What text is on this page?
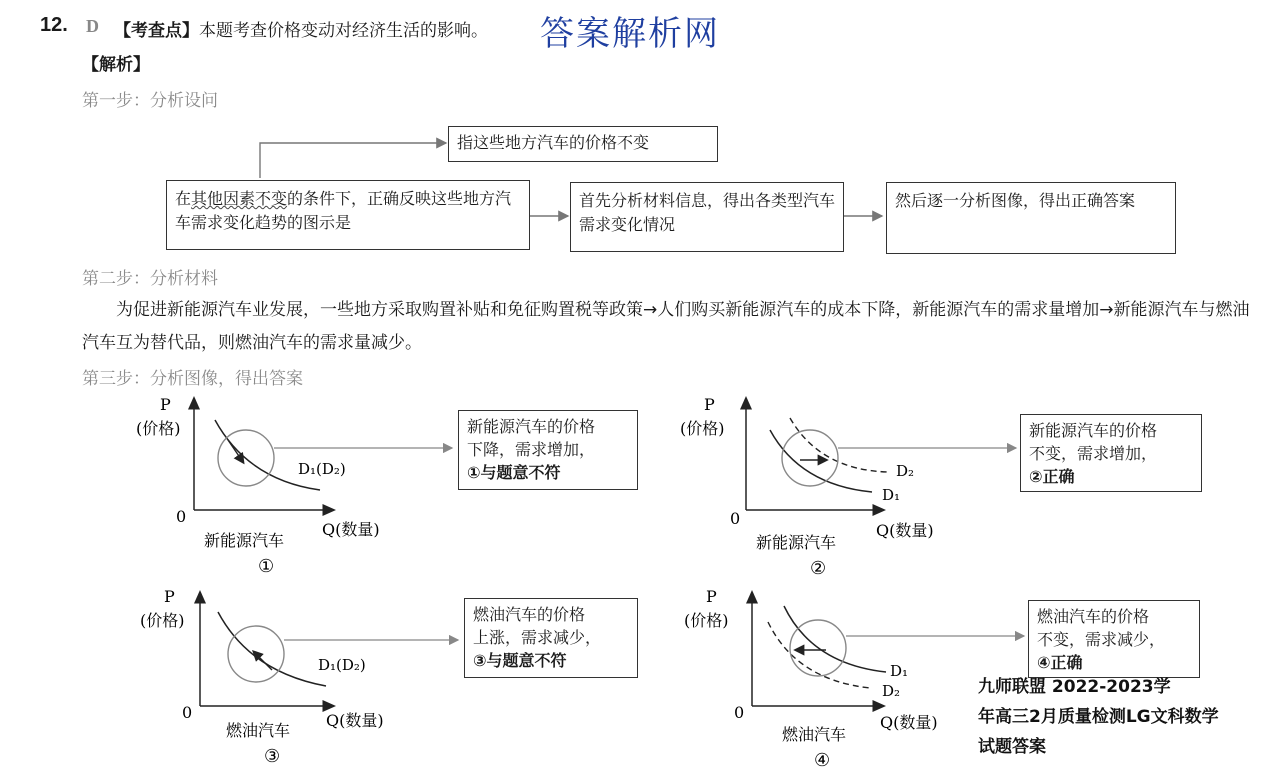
12. D 【考查点】本题考查价格变动对经济生活的影响。
【解析】
答案解析网
第一步：分析设问
指这些地方汽车的价格不变
在其他因素不变的条件下，正确反映这些地方汽车需求变化趋势的图示是
首先分析材料信息，得出各类型汽车需求变化情况
然后逐一分析图像，得出正确答案
第二步：分析材料
为促进新能源汽车业发展，一些地方采取购置补贴和免征购置税等政策→人们购买新能源汽车的成本下降，新能源汽车的需求量增加→新能源汽车与燃油汽车互为替代品，则燃油汽车的需求量减少。
第三步：分析图像，得出答案
P
(价格)
0
Q(数量)
D₁(D₂)
新能源汽车
①
P
(价格)
0
Q(数量)
D₂
D₁
新能源汽车
②
P
(价格)
0	Q(数量)
D₁(D₂)
燃油汽车
③
P
(价格)
0
Q(数量)
D₁
D₂
燃油汽车
④
新能源汽车的价格
下降，需求增加，
①与题意不符
新能源汽车的价格
不变，需求增加，
②正确
燃油汽车的价格
上涨，需求减少，
③与题意不符
燃油汽车的价格
不变，需求减少，
④正确
九师联盟 2022-2023学
年高三2月质量检测LG文科数学
试题答案
